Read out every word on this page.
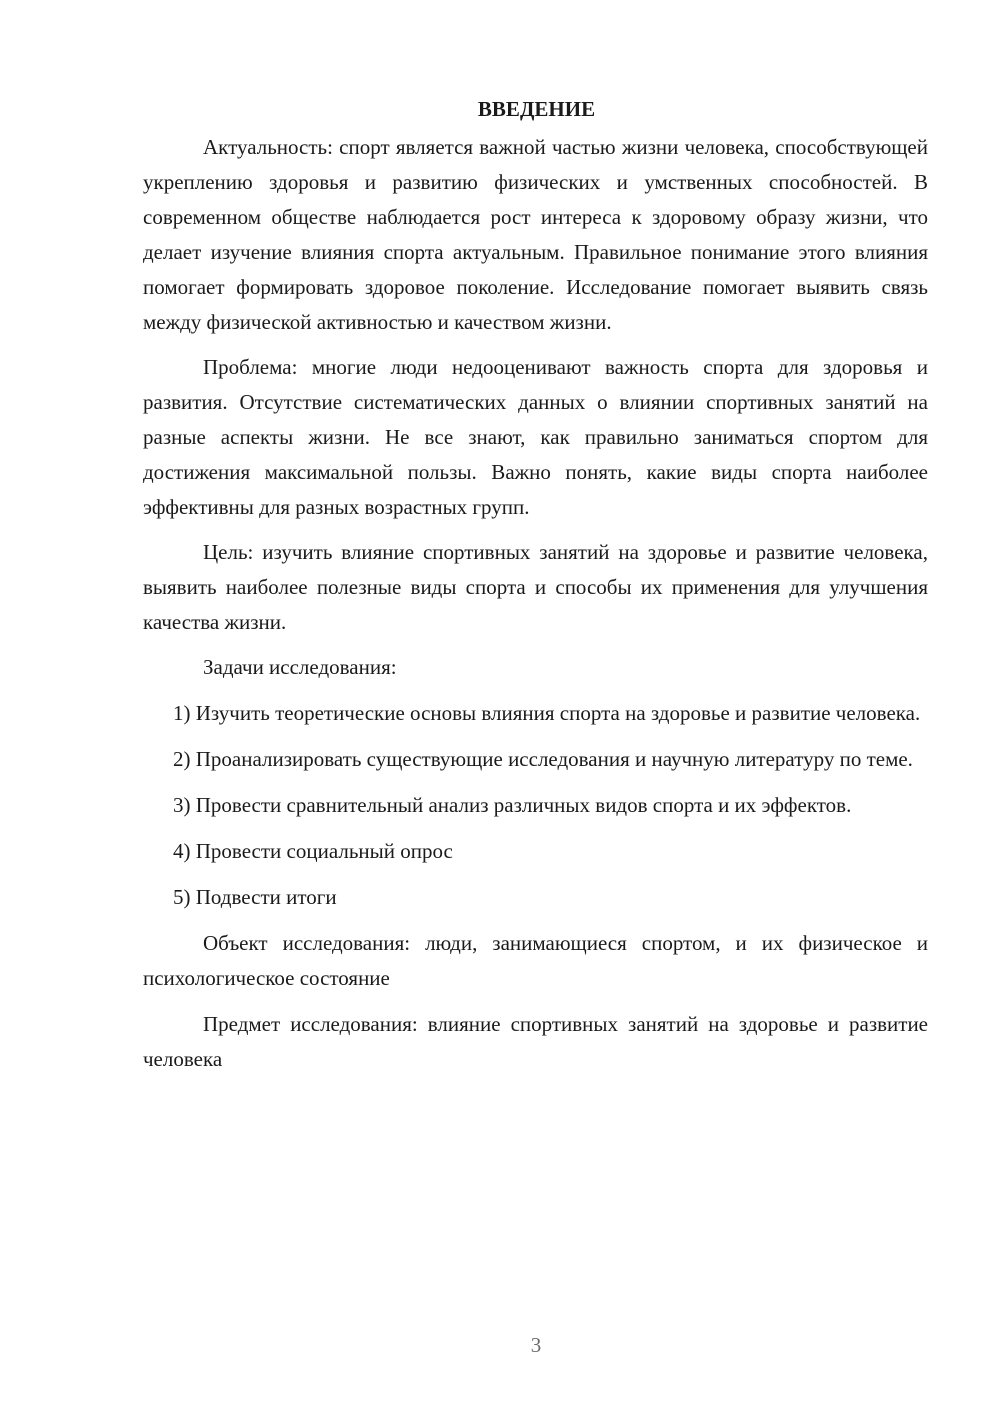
ВВЕДЕНИЕ

Актуальность: спорт является важной частью жизни человека, способствующей укреплению здоровья и развитию физических и умственных способностей. В современном обществе наблюдается рост интереса к здоровому образу жизни, что делает изучение влияния спорта актуальным. Правильное понимание этого влияния помогает формировать здоровое поколение. Исследование помогает выявить связь между физической активностью и качеством жизни.

Проблема: многие люди недооценивают важность спорта для здоровья и развития. Отсутствие систематических данных о влиянии спортивных занятий на разные аспекты жизни. Не все знают, как правильно заниматься спортом для достижения максимальной пользы. Важно понять, какие виды спорта наиболее эффективны для разных возрастных групп.

Цель: изучить влияние спортивных занятий на здоровье и развитие человека, выявить наиболее полезные виды спорта и способы их применения для улучшения качества жизни.

Задачи исследования:

1) Изучить теоретические основы влияния спорта на здоровье и развитие человека.

2) Проанализировать существующие исследования и научную литературу по теме.

3) Провести сравнительный анализ различных видов спорта и их эффектов.

4) Провести социальный опрос

5) Подвести итоги

Объект исследования: люди, занимающиеся спортом, и их физическое и психологическое состояние

Предмет исследования: влияние спортивных занятий на здоровье и развитие человека

3
